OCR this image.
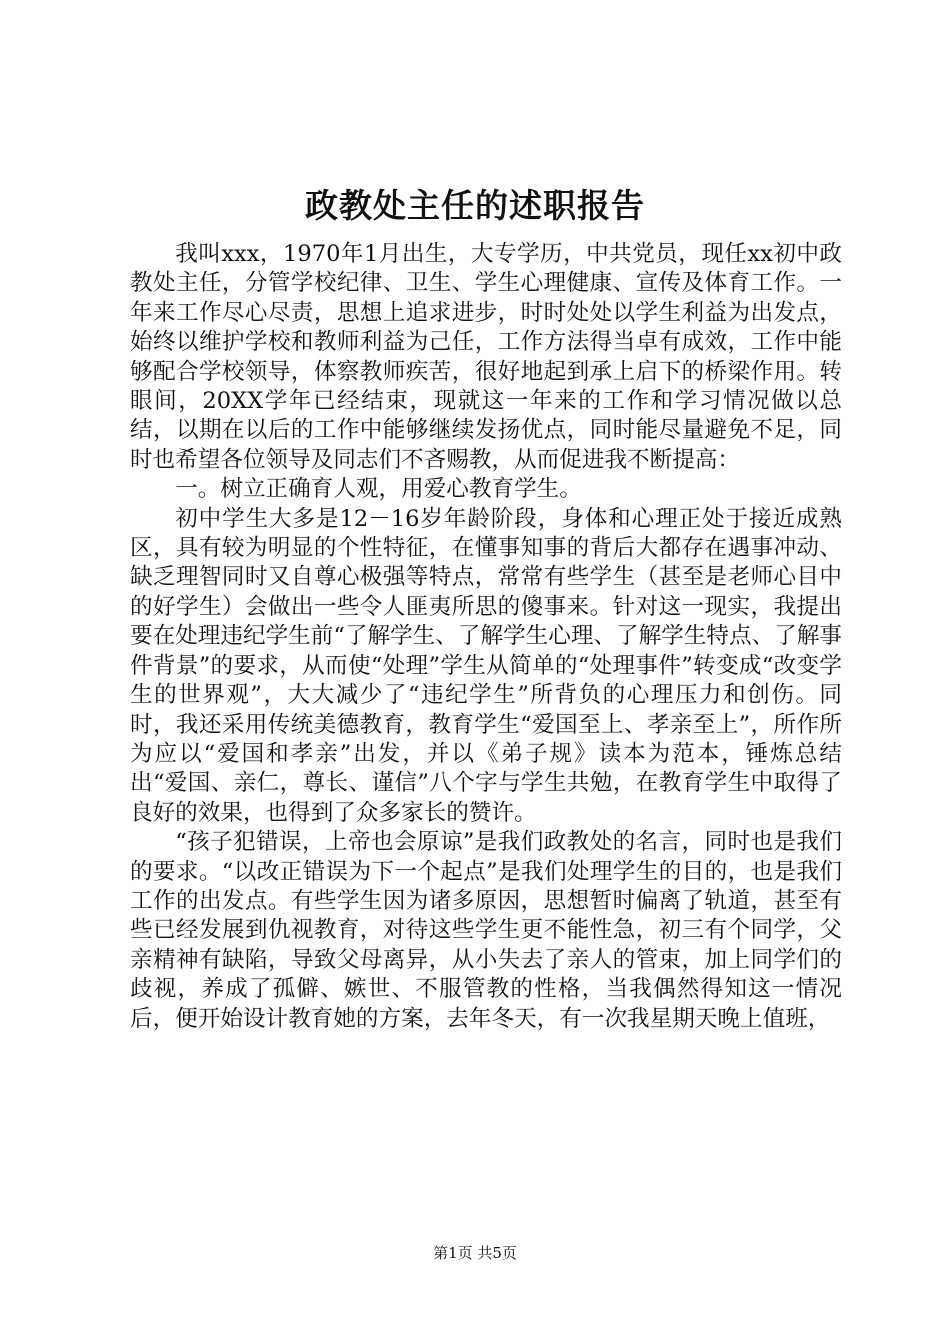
政教处主任的述职报告

我叫xxx，1970年1月出生，大专学历，中共党员，现任xx初中政教处主任，分管学校纪律、卫生、学生心理健康、宣传及体育工作。一年来工作尽心尽责，思想上追求进步，时时处处以学生利益为出发点，始终以维护学校和教师利益为己任，工作方法得当卓有成效，工作中能够配合学校领导，体察教师疾苦，很好地起到承上启下的桥梁作用。转眼间，20XX学年已经结束，现就这一年来的工作和学习情况做以总结，以期在以后的工作中能够继续发扬优点，同时能尽量避免不足，同时也希望各位领导及同志们不吝赐教，从而促进我不断提高：

一。树立正确育人观，用爱心教育学生。

初中学生大多是12－16岁年龄阶段，身体和心理正处于接近成熟区，具有较为明显的个性特征，在懂事知事的背后大都存在遇事冲动、缺乏理智同时又自尊心极强等特点，常常有些学生（甚至是老师心目中的好学生）会做出一些令人匪夷所思的傻事来。针对这一现实，我提出要在处理违纪学生前“了解学生、了解学生心理、了解学生特点、了解事件背景”的要求，从而使“处理”学生从简单的“处理事件”转变成“改变学生的世界观”，大大减少了“违纪学生”所背负的心理压力和创伤。同时，我还采用传统美德教育，教育学生“爱国至上、孝亲至上”，所作所为应以“爱国和孝亲”出发，并以《弟子规》读本为范本，锤炼总结出“爱国、亲仁，尊长、谨信”八个字与学生共勉，在教育学生中取得了良好的效果，也得到了众多家长的赞许。

“孩子犯错误，上帝也会原谅”是我们政教处的名言，同时也是我们的要求。“以改正错误为下一个起点”是我们处理学生的目的，也是我们工作的出发点。有些学生因为诸多原因，思想暂时偏离了轨道，甚至有些已经发展到仇视教育，对待这些学生更不能性急，初三有个同学，父亲精神有缺陷，导致父母离异，从小失去了亲人的管束，加上同学们的歧视，养成了孤僻、嫉世、不服管教的性格，当我偶然得知这一情况后，便开始设计教育她的方案，去年冬天，有一次我星期天晚上值班，

第1页 共5页
